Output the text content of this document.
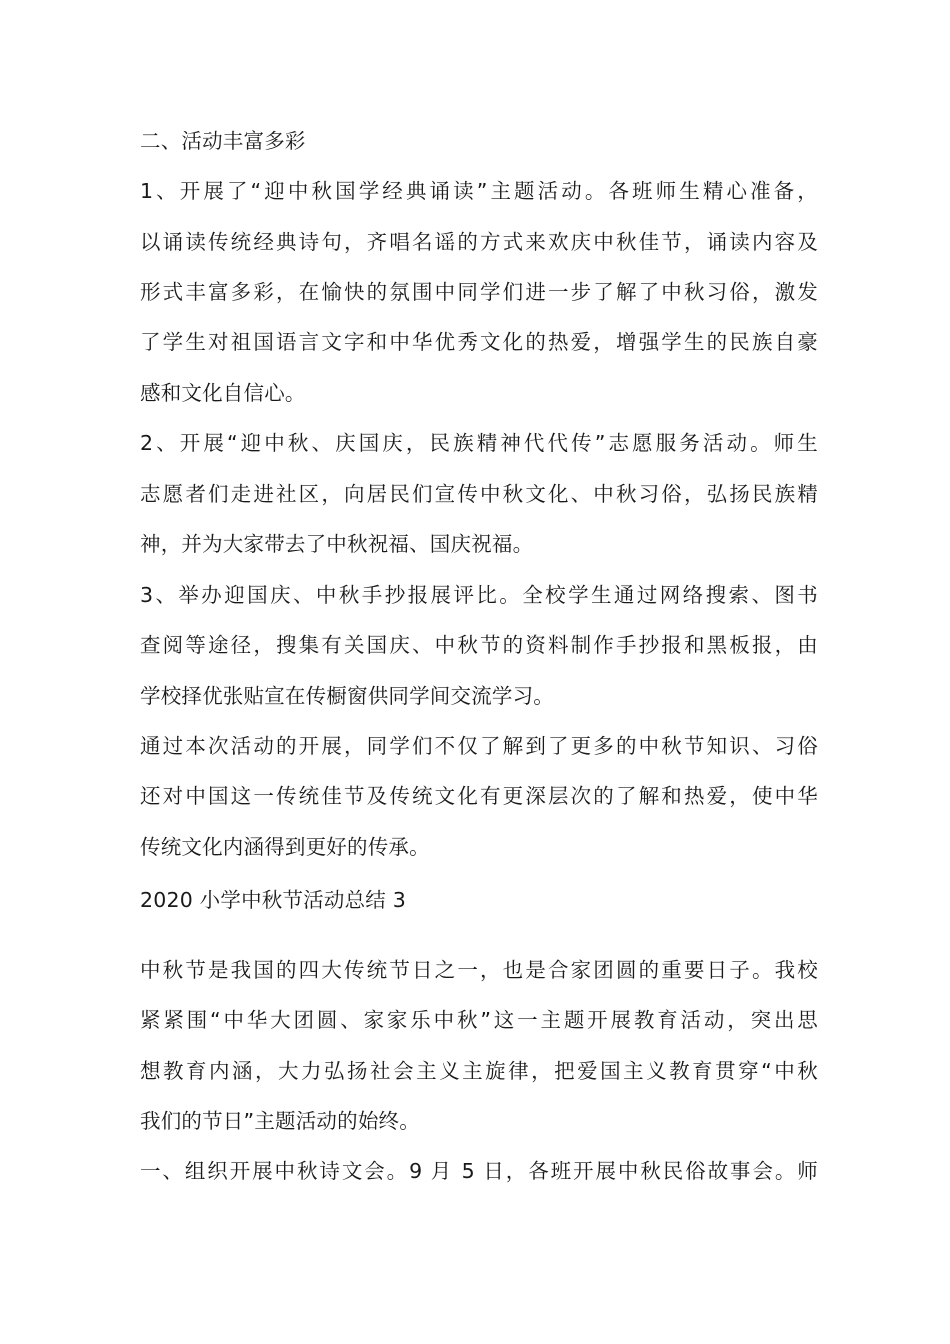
二、活动丰富多彩
1、开展了“迎中秋国学经典诵读”主题活动。各班师生精心准备，
以诵读传统经典诗句，齐唱名谣的方式来欢庆中秋佳节，诵读内容及
形式丰富多彩，在愉快的氛围中同学们进一步了解了中秋习俗，激发
了学生对祖国语言文字和中华优秀文化的热爱，增强学生的民族自豪
感和文化自信心。
2、开展“迎中秋、庆国庆，民族精神代代传”志愿服务活动。师生
志愿者们走进社区，向居民们宣传中秋文化、中秋习俗，弘扬民族精
神，并为大家带去了中秋祝福、国庆祝福。
3、举办迎国庆、中秋手抄报展评比。全校学生通过网络搜索、图书
查阅等途径，搜集有关国庆、中秋节的资料制作手抄报和黑板报，由
学校择优张贴宣在传橱窗供同学间交流学习。
通过本次活动的开展，同学们不仅了解到了更多的中秋节知识、习俗
还对中国这一传统佳节及传统文化有更深层次的了解和热爱，使中华
传统文化内涵得到更好的传承。
2020 小学中秋节活动总结 3
中秋节是我国的四大传统节日之一，也是合家团圆的重要日子。我校
紧紧围“中华大团圆、家家乐中秋”这一主题开展教育活动，突出思
想教育内涵，大力弘扬社会主义主旋律，把爱国主义教育贯穿“中秋
我们的节日”主题活动的始终。
一、组织开展中秋诗文会。9 月 5 日，各班开展中秋民俗故事会。师
